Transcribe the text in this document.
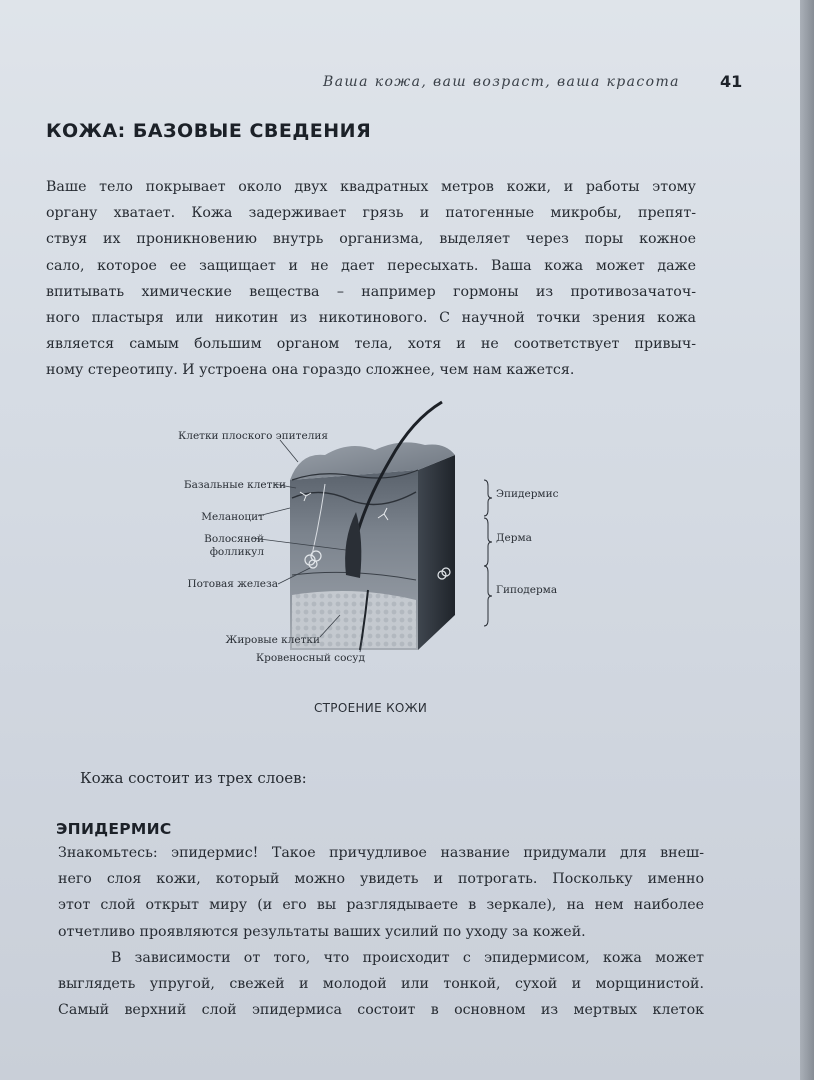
Ваша кожа, ваш возраст, ваша красота	41
КОЖА: БАЗОВЫЕ СВЕДЕНИЯ

Ваше тело покрывает около двух квадратных метров кожи, и работы этому
органу хватает. Кожа задерживает грязь и патогенные микробы, препят-
ствуя их проникновению внутрь организма, выделяет через поры кожное
сало, которое ее защищает и не дает пересыхать. Ваша кожа может даже
впитывать химические вещества – например гормоны из противозачаточ-
ного пластыря или никотин из никотинового. С научной точки зрения кожа
является самым большим органом тела, хотя и не соответствует привыч-
ному стереотипу. И устроена она гораздо сложнее, чем нам кажется.

Клетки плоского эпителия
Базальные клетки
Меланоцит
Волосяной
фолликул
Потовая железа
Жировые клетки
Кровеносный сосуд
Эпидермис
Дерма
Гиподерма
СТРОЕНИЕ КОЖИ

Кожа состоит из трех слоев:

ЭПИДЕРМИС

Знакомьтесь: эпидермис! Такое причудливое название придумали для внеш-
него слоя кожи, который можно увидеть и потрогать. Поскольку именно
этот слой открыт миру (и его вы разглядываете в зеркале), на нем наиболее
отчетливо проявляются результаты ваших усилий по уходу за кожей.
В зависимости от того, что происходит с эпидермисом, кожа может
выглядеть упругой, свежей и молодой или тонкой, сухой и морщинистой.
Самый верхний слой эпидермиса состоит в основном из мертвых клеток
